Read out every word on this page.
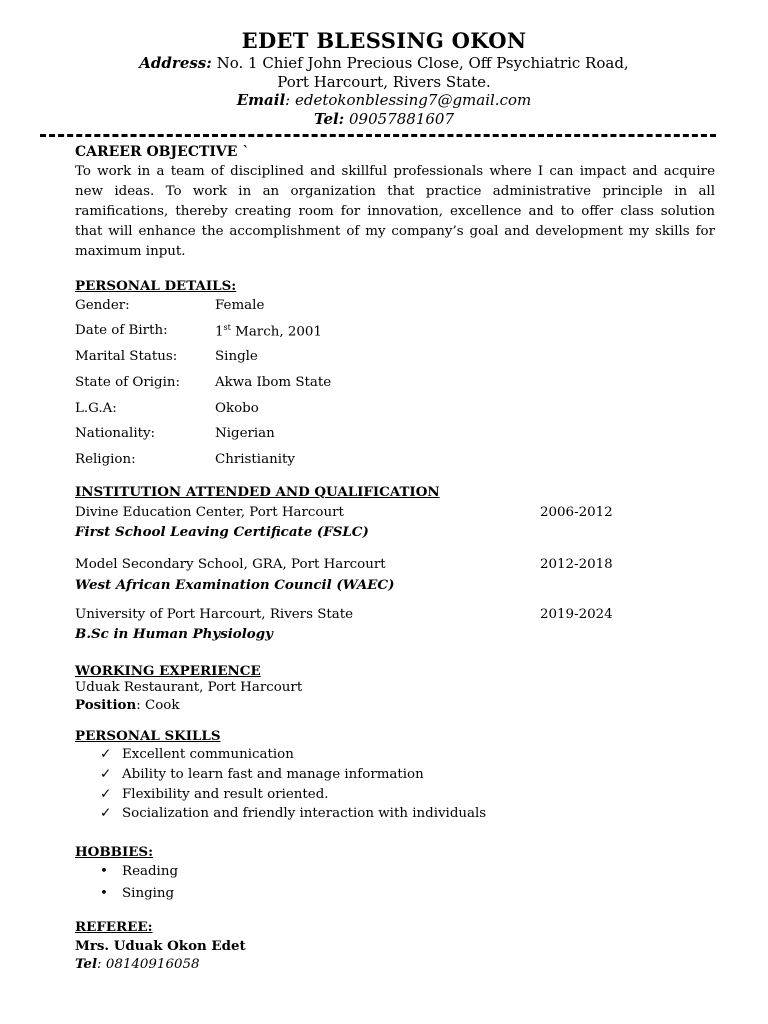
EDET BLESSING OKON
Address: No. 1 Chief John Precious Close, Off Psychiatric Road,
Port Harcourt, Rivers State.
Email: edetokonblessing7@gmail.com
Tel: 09057881607
CAREER OBJECTIVE `
To work in a team of disciplined and skillful professionals where I can impact and acquire new ideas. To work in an organization that practice administrative principle in all ramifications, thereby creating room for innovation, excellence and to offer class solution that will enhance the accomplishment of my company’s goal and development my skills for maximum input.
PERSONAL DETAILS:
Gender:	Female
Date of Birth:	1st March, 2001
Marital Status:	Single
State of Origin:	Akwa Ibom State
L.G.A:	Okobo
Nationality:	Nigerian
Religion:	Christianity
INSTITUTION ATTENDED AND QUALIFICATION
Divine Education Center, Port Harcourt	2006-2012
First School Leaving Certificate (FSLC)
Model Secondary School, GRA, Port Harcourt	2012-2018
West African Examination Council (WAEC)
University of Port Harcourt, Rivers State	2019-2024
B.Sc in Human Physiology
WORKING EXPERIENCE
Uduak Restaurant, Port Harcourt
Position: Cook
PERSONAL SKILLS
✓ Excellent communication
✓ Ability to learn fast and manage information
✓ Flexibility and result oriented.
✓ Socialization and friendly interaction with individuals
HOBBIES:
• Reading
• Singing
REFEREE:
Mrs. Uduak Okon Edet
Tel: 08140916058
